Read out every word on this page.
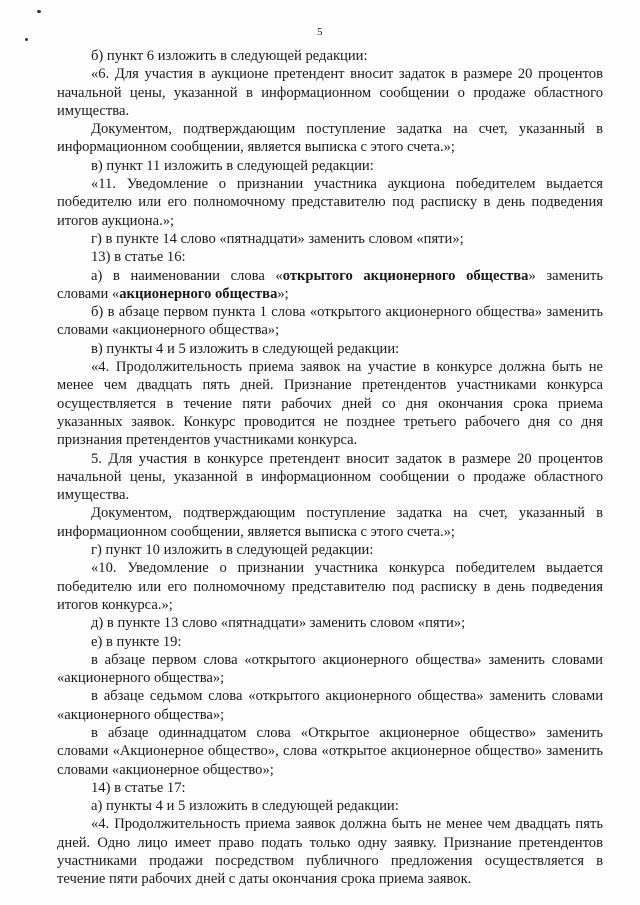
5

б) пункт 6 изложить в следующей редакции:

«6. Для участия в аукционе претендент вносит задаток в размере 20 процентов начальной цены, указанной в информационном сообщении о продаже областного имущества.

Документом, подтверждающим поступление задатка на счет, указанный в информационном сообщении, является выписка с этого счета.»;

в) пункт 11 изложить в следующей редакции:

«11. Уведомление о признании участника аукциона победителем выдается победителю или его полномочному представителю под расписку в день подведения итогов аукциона.»;

г) в пункте 14 слово «пятнадцати» заменить словом «пяти»;

13) в статье 16:

а) в наименовании слова «открытого акционерного общества» заменить словами «акционерного общества»;

б) в абзаце первом пункта 1 слова «открытого акционерного общества» заменить словами «акционерного общества»;

в) пункты 4 и 5 изложить в следующей редакции:

«4. Продолжительность приема заявок на участие в конкурсе должна быть не менее чем двадцать пять дней. Признание претендентов участниками конкурса осуществляется в течение пяти рабочих дней со дня окончания срока приема указанных заявок. Конкурс проводится не позднее третьего рабочего дня со дня признания претендентов участниками конкурса.

5. Для участия в конкурсе претендент вносит задаток в размере 20 процентов начальной цены, указанной в информационном сообщении о продаже областного имущества.

Документом, подтверждающим поступление задатка на счет, указанный в информационном сообщении, является выписка с этого счета.»;

г) пункт 10 изложить в следующей редакции:

«10. Уведомление о признании участника конкурса победителем выдается победителю или его полномочному представителю под расписку в день подведения итогов конкурса.»;

д) в пункте 13 слово «пятнадцати» заменить словом «пяти»;

е) в пункте 19:

в абзаце первом слова «открытого акционерного общества» заменить словами «акционерного общества»;

в абзаце седьмом слова «открытого акционерного общества» заменить словами «акционерного общества»;

в абзаце одиннадцатом слова «Открытое акционерное общество» заменить словами «Акционерное общество», слова «открытое акционерное общество» заменить словами «акционерное общество»;

14) в статье 17:

а) пункты 4 и 5 изложить в следующей редакции:

«4. Продолжительность приема заявок должна быть не менее чем двадцать пять дней. Одно лицо имеет право подать только одну заявку. Признание претендентов участниками продажи посредством публичного предложения осуществляется в течение пяти рабочих дней с даты окончания срока приема заявок.
